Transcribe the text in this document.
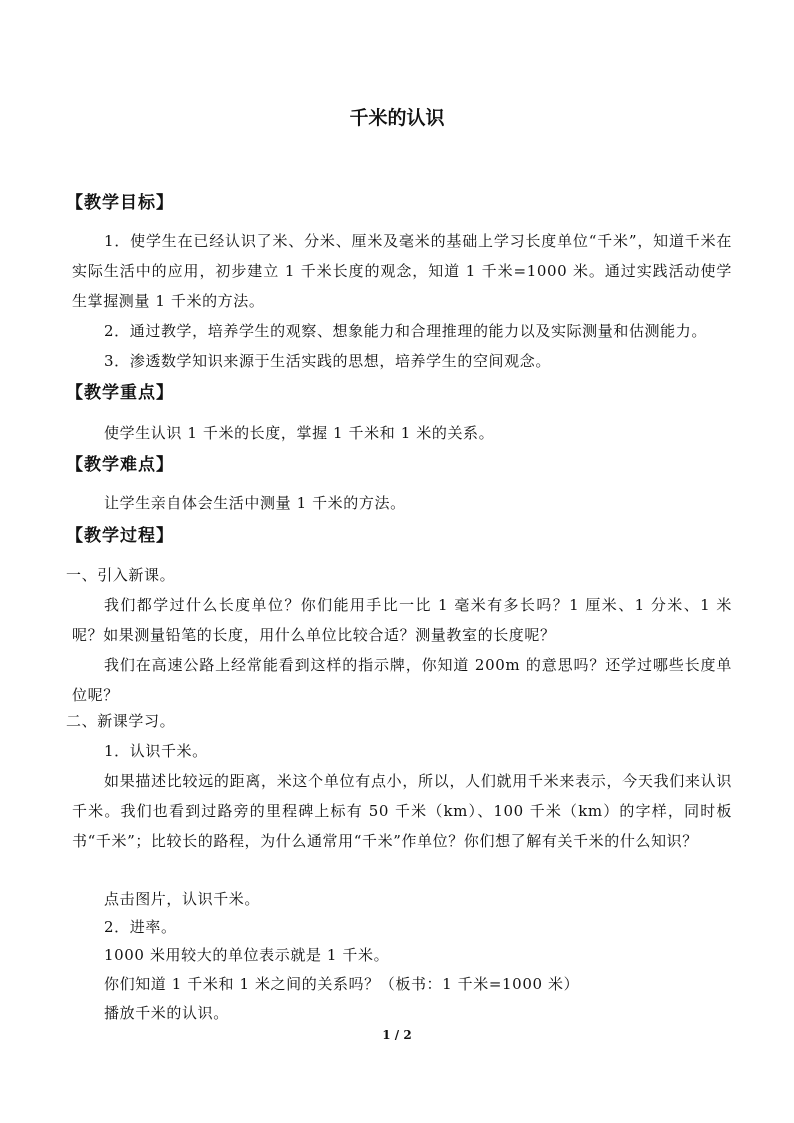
千米的认识
【教学目标】
1．使学生在已经认识了米、分米、厘米及毫米的基础上学习长度单位“千米”，知道千米在实际生活中的应用，初步建立 1 千米长度的观念，知道 1 千米=1000 米。通过实践活动使学生掌握测量 1 千米的方法。
2．通过教学，培养学生的观察、想象能力和合理推理的能力以及实际测量和估测能力。
3．渗透数学知识来源于生活实践的思想，培养学生的空间观念。
【教学重点】
使学生认识 1 千米的长度，掌握 1 千米和 1 米的关系。
【教学难点】
让学生亲自体会生活中测量 1 千米的方法。
【教学过程】
一、引入新课。
我们都学过什么长度单位？你们能用手比一比 1 毫米有多长吗？1 厘米、1 分米、1 米呢？如果测量铅笔的长度，用什么单位比较合适？测量教室的长度呢？
我们在高速公路上经常能看到这样的指示牌，你知道 200m 的意思吗？还学过哪些长度单位呢？
二、新课学习。
1．认识千米。
如果描述比较远的距离，米这个单位有点小，所以，人们就用千米来表示，今天我们来认识千米。我们也看到过路旁的里程碑上标有 50 千米（km）、100 千米（km）的字样，同时板书“千米”；比较长的路程，为什么通常用“千米”作单位？你们想了解有关千米的什么知识？
点击图片，认识千米。
2．进率。
1000 米用较大的单位表示就是 1 千米。
你们知道 1 千米和 1 米之间的关系吗？（板书：1 千米=1000 米）
播放千米的认识。
1 / 2
